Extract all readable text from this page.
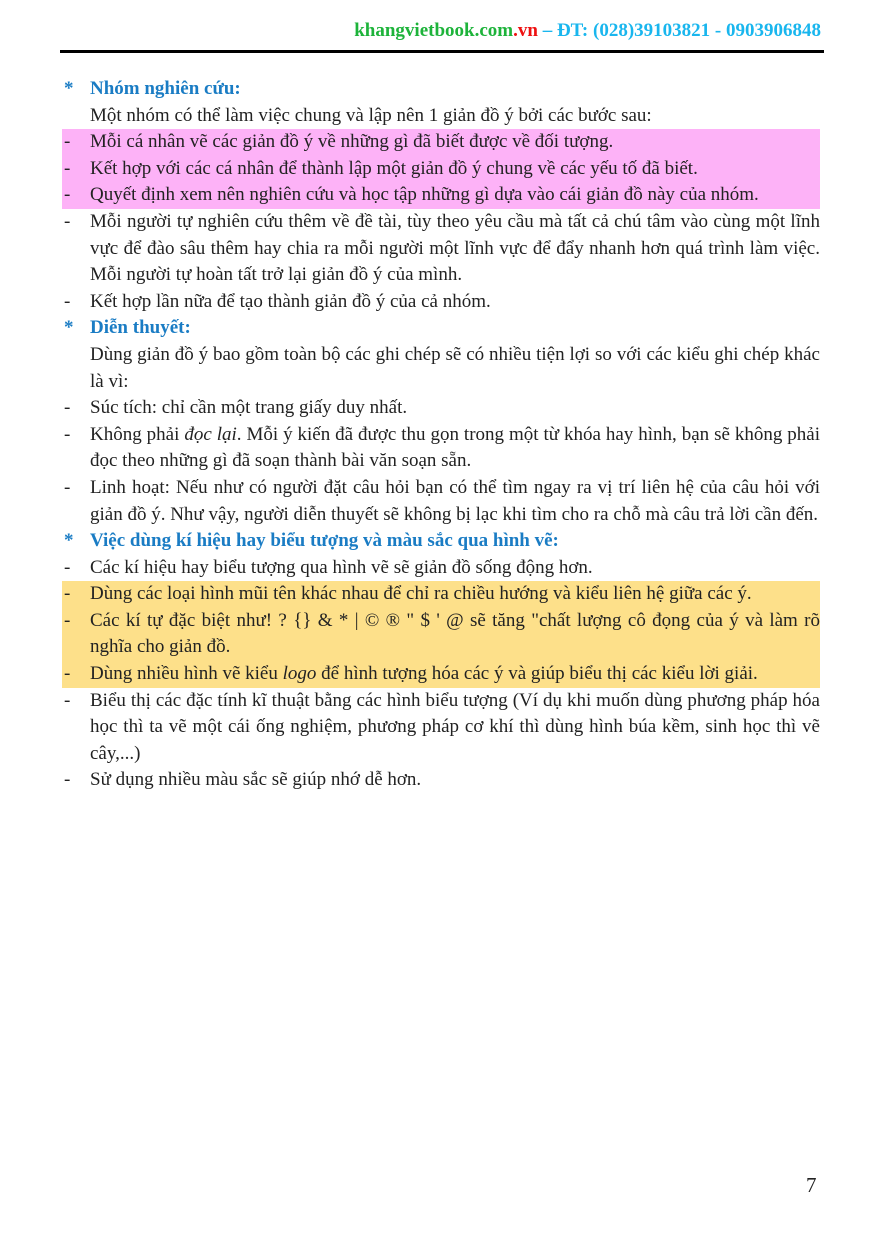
khangvietbook.com.vn – ĐT: (028)39103821 - 0903906848
* Nhóm nghiên cứu:
Một nhóm có thể làm việc chung và lập nên 1 giản đồ ý bởi các bước sau:
-	Mỗi cá nhân vẽ các giản đồ ý về những gì đã biết được về đối tượng.
-	Kết hợp với các cá nhân để thành lập một giản đồ ý chung về các yếu tố đã biết.
-	Quyết định xem nên nghiên cứu và học tập những gì dựa vào cái giản đồ này của nhóm.
-	Mỗi người tự nghiên cứu thêm về đề tài, tùy theo yêu cầu mà tất cả chú tâm vào cùng một lĩnh vực để đào sâu thêm hay chia ra mỗi người một lĩnh vực để đẩy nhanh hơn quá trình làm việc. Mỗi người tự hoàn tất trở lại giản đồ ý của mình.
-	Kết hợp lần nữa để tạo thành giản đồ ý của cả nhóm.
* Diễn thuyết:
Dùng giản đồ ý bao gồm toàn bộ các ghi chép sẽ có nhiều tiện lợi so với các kiểu ghi chép khác là vì:
-	Súc tích: chỉ cần một trang giấy duy nhất.
-	Không phải đọc lại. Mỗi ý kiến đã được thu gọn trong một từ khóa hay hình, bạn sẽ không phải đọc theo những gì đã soạn thành bài văn soạn sẵn.
-	Linh hoạt: Nếu như có người đặt câu hỏi bạn có thể tìm ngay ra vị trí liên hệ của câu hỏi với giản đồ ý. Như vậy, người diễn thuyết sẽ không bị lạc khi tìm cho ra chỗ mà câu trả lời cần đến.
* Việc dùng kí hiệu hay biểu tượng và màu sắc qua hình vẽ:
-	Các kí hiệu hay biểu tượng qua hình vẽ sẽ giản đồ sống động hơn.
-	Dùng các loại hình mũi tên khác nhau để chỉ ra chiều hướng và kiểu liên hệ giữa các ý.
-	Các kí tự đặc biệt như! ? {} & * | © ® " $ ' @ sẽ tăng "chất lượng cô đọng của ý và làm rõ nghĩa cho giản đồ.
-	Dùng nhiều hình vẽ kiểu logo để hình tượng hóa các ý và giúp biểu thị các kiểu lời giải.
-	Biểu thị các đặc tính kĩ thuật bằng các hình biểu tượng (Ví dụ khi muốn dùng phương pháp hóa học thì ta vẽ một cái ống nghiệm, phương pháp cơ khí thì dùng hình búa kềm, sinh học thì vẽ cây,...)
-	Sử dụng nhiều màu sắc sẽ giúp nhớ dễ hơn.
7
